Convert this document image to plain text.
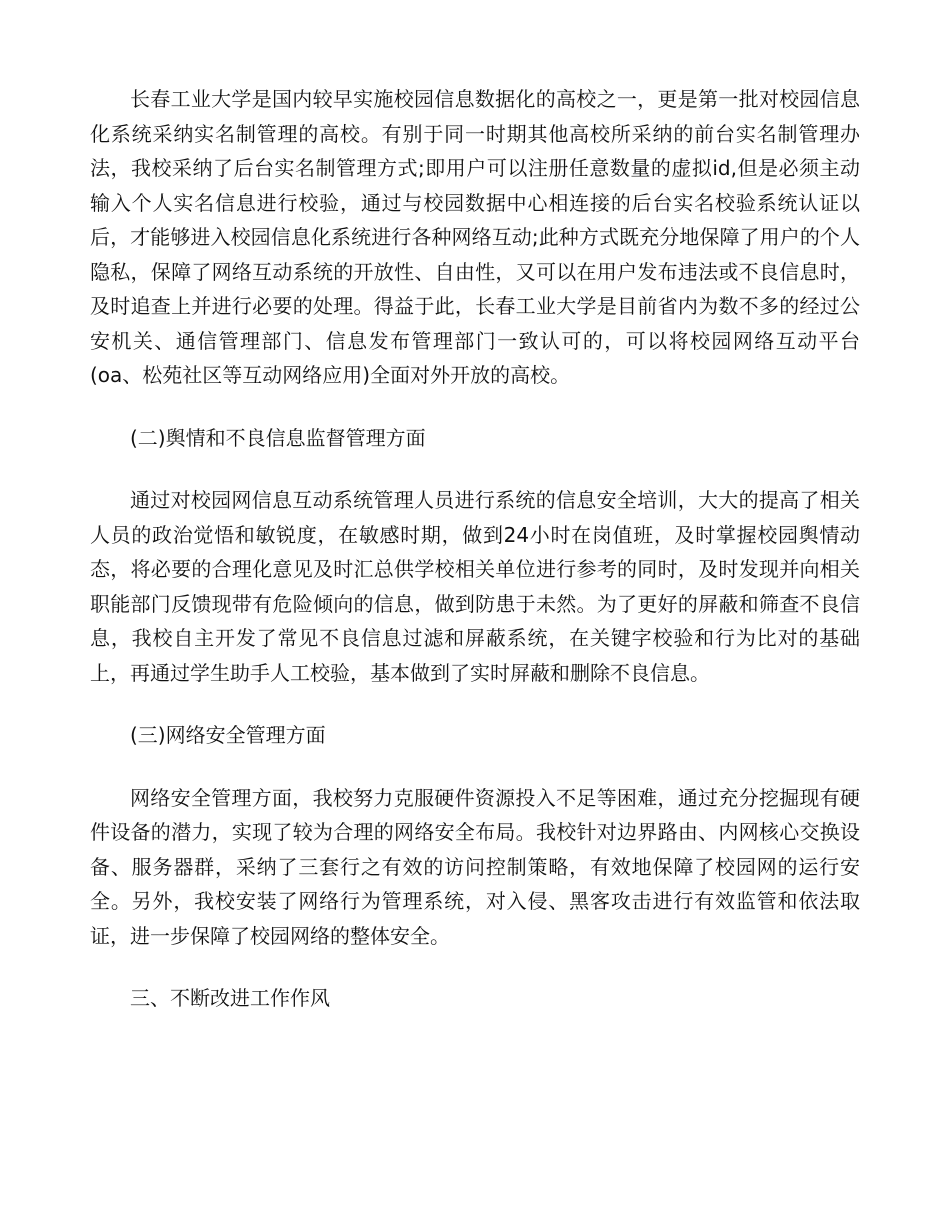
长春工业大学是国内较早实施校园信息数据化的高校之一，更是第一批对校园信息化系统采纳实名制管理的高校。有别于同一时期其他高校所采纳的前台实名制管理办法，我校采纳了后台实名制管理方式;即用户可以注册任意数量的虚拟id,但是必须主动输入个人实名信息进行校验，通过与校园数据中心相连接的后台实名校验系统认证以后，才能够进入校园信息化系统进行各种网络互动;此种方式既充分地保障了用户的个人隐私，保障了网络互动系统的开放性、自由性，又可以在用户发布违法或不良信息时，及时追查上并进行必要的处理。得益于此，长春工业大学是目前省内为数不多的经过公安机关、通信管理部门、信息发布管理部门一致认可的，可以将校园网络互动平台(oa、松苑社区等互动网络应用)全面对外开放的高校。

(二)舆情和不良信息监督管理方面

通过对校园网信息互动系统管理人员进行系统的信息安全培训，大大的提高了相关人员的政治觉悟和敏锐度，在敏感时期，做到24小时在岗值班，及时掌握校园舆情动态，将必要的合理化意见及时汇总供学校相关单位进行参考的同时，及时发现并向相关职能部门反馈现带有危险倾向的信息，做到防患于未然。为了更好的屏蔽和筛查不良信息，我校自主开发了常见不良信息过滤和屏蔽系统，在关键字校验和行为比对的基础上，再通过学生助手人工校验，基本做到了实时屏蔽和删除不良信息。

(三)网络安全管理方面

网络安全管理方面，我校努力克服硬件资源投入不足等困难，通过充分挖掘现有硬件设备的潜力，实现了较为合理的网络安全布局。我校针对边界路由、内网核心交换设备、服务器群，采纳了三套行之有效的访问控制策略，有效地保障了校园网的运行安全。另外，我校安装了网络行为管理系统，对入侵、黑客攻击进行有效监管和依法取证，进一步保障了校园网络的整体安全。

三、不断改进工作作风
